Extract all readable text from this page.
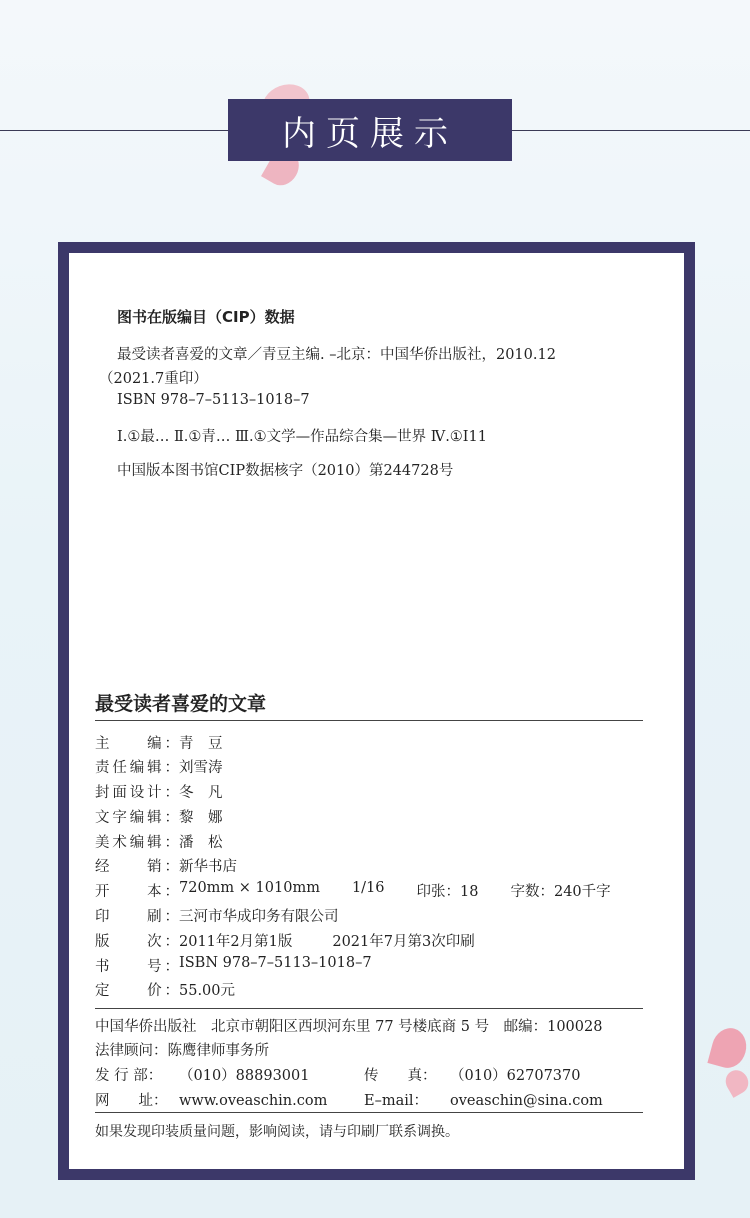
内页展示
图书在版编目（CIP）数据
最受读者喜爱的文章／青豆主编. –北京：中国华侨出版社，2010.12
（2021.7重印）
ISBN 978–7–5113–1018–7
Ⅰ.①最… Ⅱ.①青… Ⅲ.①文学—作品综合集—世界 Ⅳ.①I11
中国版本图书馆CIP数据核字（2010）第244728号
最受读者喜爱的文章
主　　编： 青　豆
责任编辑： 刘雪涛
封面设计： 冬　凡
文字编辑： 黎　娜
美术编辑： 潘　松
经　　销： 新华书店
开　　本： 720mm × 1010mm 1/16 印张：18 字数：240千字
印　　刷： 三河市华成印务有限公司
版　　次： 2011年2月第1版	2021年7月第3次印刷
书　　号： ISBN 978–7–5113–1018–7
定　　价： 55.00元
中国华侨出版社　北京市朝阳区西坝河东里 77 号楼底商 5 号　邮编：100028
法律顾问：陈鹰律师事务所
发 行 部： （010）88893001	传　　真： （010）62707370
网　　址： www.oveaschin.com	E–mail： oveaschin@sina.com
如果发现印装质量问题，影响阅读，请与印刷厂联系调换。
